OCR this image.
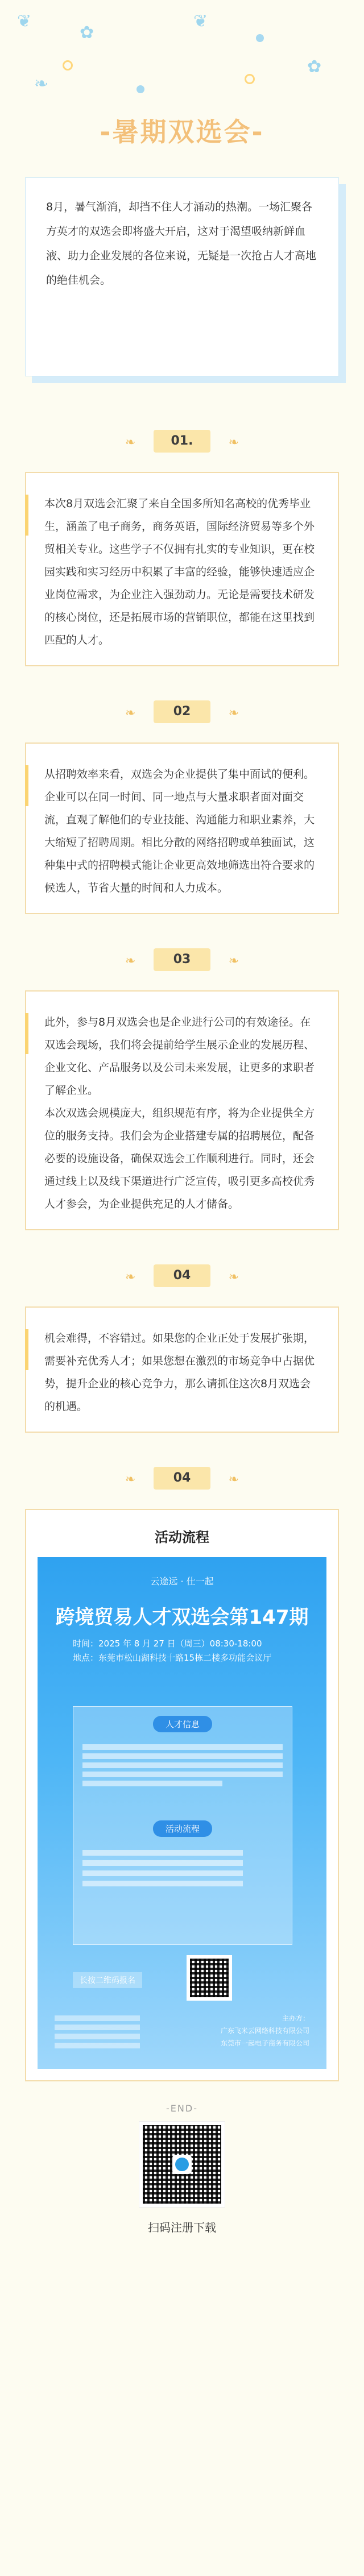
❦
✿
❦
✿
❧
-暑期双选会-
8月，暑气渐消，却挡不住人才涌动的热潮。一场汇聚各方英才的双选会即将盛大开启，这对于渴望吸纳新鲜血液、助力企业发展的各位来说，无疑是一次抢占人才高地的绝佳机会。
❧	01.	❧

本次8月双选会汇聚了来自全国多所知名高校的优秀毕业生，涵盖了电子商务，商务英语，国际经济贸易等多个外贸相关专业。这些学子不仅拥有扎实的专业知识，更在校园实践和实习经历中积累了丰富的经验，能够快速适应企业岗位需求，为企业注入强劲动力。无论是需要技术研发的核心岗位，还是拓展市场的营销职位，都能在这里找到匹配的人才。

❧	02	❧

从招聘效率来看，双选会为企业提供了集中面试的便利。企业可以在同一时间、同一地点与大量求职者面对面交流，直观了解他们的专业技能、沟通能力和职业素养，大大缩短了招聘周期。相比分散的网络招聘或单独面试，这种集中式的招聘模式能让企业更高效地筛选出符合要求的候选人，节省大量的时间和人力成本。

❧	03	❧

此外，参与8月双选会也是企业进行公司的有效途径。在双选会现场，我们将会提前给学生展示企业的发展历程、企业文化、产品服务以及公司未来发展，让更多的求职者了解企业。

本次双选会规模庞大，组织规范有序，将为企业提供全方位的服务支持。我们会为企业搭建专属的招聘展位，配备必要的设施设备，确保双选会工作顺利进行。同时，还会通过线上以及线下渠道进行广泛宣传，吸引更多高校优秀人才参会，为企业提供充足的人才储备。

❧	04	❧

机会难得，不容错过。如果您的企业正处于发展扩张期，需要补充优秀人才；如果您想在激烈的市场竞争中占据优势，提升企业的核心竞争力，那么请抓住这次8月双选会的机遇。

❧	04	❧
活动流程
云途远 · 仕一起
跨境贸易人才双选会第147期
时间：2025 年 8 月 27 日（周三）08:30-18:00
地点：东莞市松山湖科技十路15栋二楼多功能会议厅
人才信息
活动流程
长按二维码报名
主办方：
广东飞米云网络科技有限公司
东莞市一起电子商务有限公司
-END-
扫码注册下载
